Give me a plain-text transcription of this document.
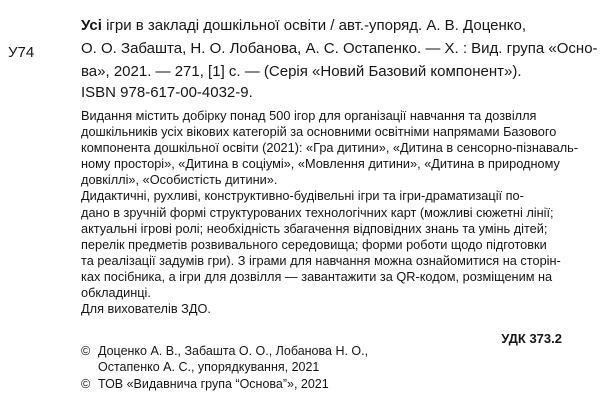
У74
Усі ігри в закладі дошкільної освіти / авт.-упоряд. А. В. Доценко,
О. О. Забашта, Н. О. Лобанова, А. С. Остапенко. — Х. : Вид. група «Осно-
ва», 2021. — 271, [1] с. — (Серія «Новий Базовий компонент»).
ISBN 978-617-00-4032-9.
Видання містить добірку понад 500 ігор для організації навчання та дозвілля
дошкільників усіх вікових категорій за основними освітніми напрямами Базового
компонента дошкільної освіти (2021): «Гра дитини», «Дитина в сенсорно-пізнаваль-
ному просторі», «Дитина в соціумі», «Мовлення дитини», «Дитина в природному
довкіллі», «Особистість дитини».
Дидактичні, рухливі, конструктивно-будівельні ігри та ігри-драматизації по-
дано в зручній формі структурованих технологічних карт (можливі сюжетні лінії;
актуальні ігрові ролі; необхідність збагачення відповідних знань та умінь дітей;
перелік предметів розвивального середовища; форми роботи щодо підготовки
та реалізації задумів гри). З іграми для навчання можна ознайомитися на сторін-
ках посібника, а ігри для дозвілля — завантажити за QR-кодом, розміщеним на
обкладинці.
Для вихователів ЗДО.
УДК 373.2
© Доценко А. В., Забашта О. О., Лобанова Н. О.,
Остапенко А. С., упорядкування, 2021
© ТОВ «Видавнича група “Основа”», 2021
